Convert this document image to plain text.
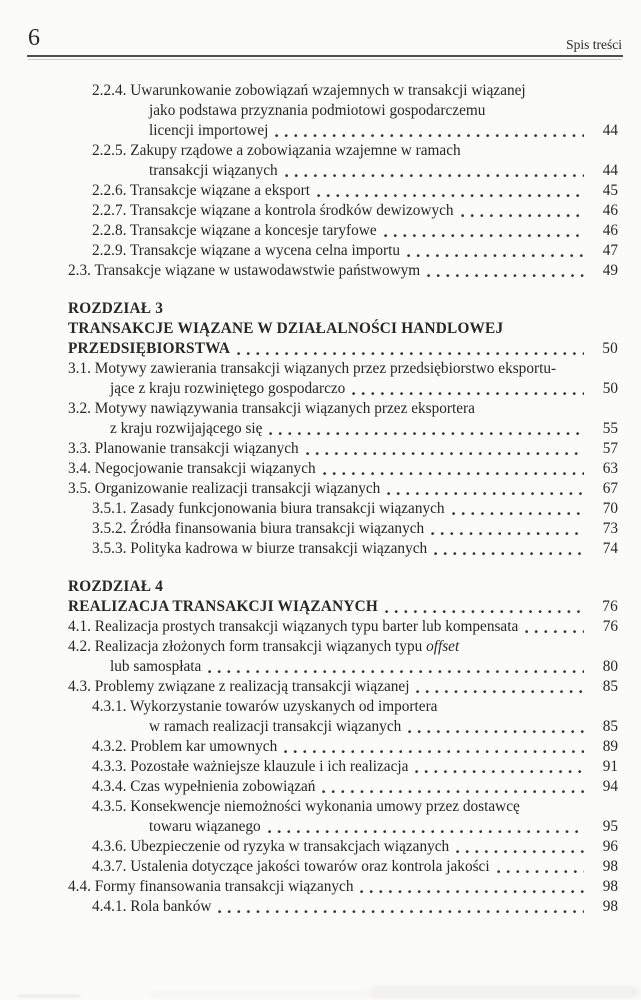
6	Spis treści
2.2.4. Uwarunkowanie zobowiązań wzajemnych w transakcji wiązanej
jako podstawa przyznania podmiotowi gospodarczemu
licencji importowej	44
2.2.5. Zakupy rządowe a zobowiązania wzajemne w ramach
transakcji wiązanych	44
2.2.6. Transakcje wiązane a eksport	45
2.2.7. Transakcje wiązane a kontrola środków dewizowych	46
2.2.8. Transakcje wiązane a koncesje taryfowe	46
2.2.9. Transakcje wiązane a wycena celna importu	47
2.3. Transakcje wiązane w ustawodawstwie państwowym	49
ROZDZIAŁ 3
TRANSAKCJE WIĄZANE W DZIAŁALNOŚCI HANDLOWEJ
PRZEDSIĘBIORSTWA	50
3.1. Motywy zawierania transakcji wiązanych przez przedsiębiorstwo eksportu-
jące z kraju rozwiniętego gospodarczo	50
3.2. Motywy nawiązywania transakcji wiązanych przez eksportera
z kraju rozwijającego się	55
3.3. Planowanie transakcji wiązanych	57
3.4. Negocjowanie transakcji wiązanych	63
3.5. Organizowanie realizacji transakcji wiązanych	67
3.5.1. Zasady funkcjonowania biura transakcji wiązanych	70
3.5.2. Źródła finansowania biura transakcji wiązanych	73
3.5.3. Polityka kadrowa w biurze transakcji wiązanych	74
ROZDZIAŁ 4
REALIZACJA TRANSAKCJI WIĄZANYCH	76
4.1. Realizacja prostych transakcji wiązanych typu barter lub kompensata	76
4.2. Realizacja złożonych form transakcji wiązanych typu offset
lub samospłata	80
4.3. Problemy związane z realizacją transakcji wiązanej	85
4.3.1. Wykorzystanie towarów uzyskanych od importera
w ramach realizacji transakcji wiązanych	85
4.3.2. Problem kar umownych	89
4.3.3. Pozostałe ważniejsze klauzule i ich realizacja	91
4.3.4. Czas wypełnienia zobowiązań	94
4.3.5. Konsekwencje niemożności wykonania umowy przez dostawcę
towaru wiązanego	95
4.3.6. Ubezpieczenie od ryzyka w transakcjach wiązanych	96
4.3.7. Ustalenia dotyczące jakości towarów oraz kontrola jakości	98
4.4. Formy finansowania transakcji wiązanych	98
4.4.1. Rola banków	98
